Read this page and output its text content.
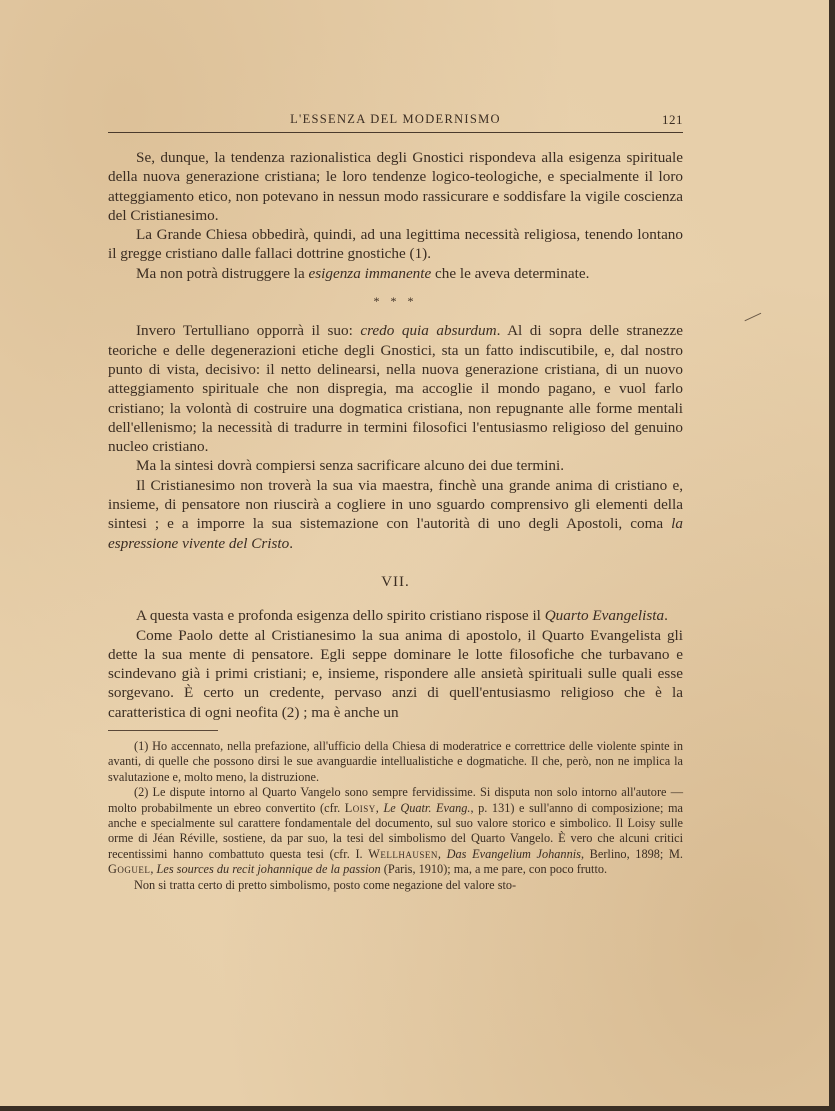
L'ESSENZA DEL MODERNISMO	121

Se, dunque, la tendenza razionalistica degli Gnostici rispondeva alla esigenza spirituale della nuova generazione cristiana; le loro tendenze logico-teologiche, e specialmente il loro atteggiamento etico, non potevano in nessun modo rassicurare e soddisfare la vigile coscienza del Cristianesimo.

La Grande Chiesa obbedirà, quindi, ad una legittima necessità religiosa, tenendo lontano il gregge cristiano dalle fallaci dottrine gnostiche (1).

Ma non potrà distruggere la esigenza immanente che le aveva determinate.

* * *

Invero Tertulliano opporrà il suo: credo quia absurdum. Al di sopra delle stranezze teoriche e delle degenerazioni etiche degli Gnostici, sta un fatto indiscutibile, e, dal nostro punto di vista, decisivo: il netto delinearsi, nella nuova generazione cristiana, di un nuovo atteggiamento spirituale che non dispregia, ma accoglie il mondo pagano, e vuol farlo cristiano; la volontà di costruire una dogmatica cristiana, non repugnante alle forme mentali dell'ellenismo; la necessità di tradurre in termini filosofici l'entusiasmo religioso del genuino nucleo cristiano.

Ma la sintesi dovrà compiersi senza sacrificare alcuno dei due termini.

Il Cristianesimo non troverà la sua via maestra, finchè una grande anima di cristiano e, insieme, di pensatore non riuscirà a cogliere in uno sguardo comprensivo gli elementi della sintesi ; e a imporre la sua sistemazione con l'autorità di uno degli Apostoli, coma la espressione vivente del Cristo.

VII.

A questa vasta e profonda esigenza dello spirito cristiano rispose il Quarto Evangelista.

Come Paolo dette al Cristianesimo la sua anima di apostolo, il Quarto Evangelista gli dette la sua mente di pensatore. Egli seppe dominare le lotte filosofiche che turbavano e scindevano già i primi cristiani; e, insieme, rispondere alle ansietà spirituali sulle quali esse sorgevano. È certo un credente, pervaso anzi di quell'entusiasmo religioso che è la caratteristica di ogni neofita (2) ; ma è anche un

(1) Ho accennato, nella prefazione, all'ufficio della Chiesa di moderatrice e correttrice delle violente spinte in avanti, di quelle che possono dirsi le sue avanguardie intellualistiche e dogmatiche. Il che, però, non ne implica la svalutazione e, molto meno, la distruzione.

(2) Le dispute intorno al Quarto Vangelo sono sempre fervidissime. Si disputa non solo intorno all'autore — molto probabilmente un ebreo convertito (cfr. Loisy, Le Quatr. Evang., p. 131) e sull'anno di composizione; ma anche e specialmente sul carattere fondamentale del documento, sul suo valore storico e simbolico. Il Loisy sulle orme di Jéan Réville, sostiene, da par suo, la tesi del simbolismo del Quarto Vangelo. È vero che alcuni critici recentissimi hanno combattuto questa tesi (cfr. I. Wellhausen, Das Evangelium Johannis, Berlino, 1898; M. Goguel, Les sources du recit johannique de la passion (Paris, 1910); ma, a me pare, con poco frutto.

Non si tratta certo di pretto simbolismo, posto come negazione del valore sto-
